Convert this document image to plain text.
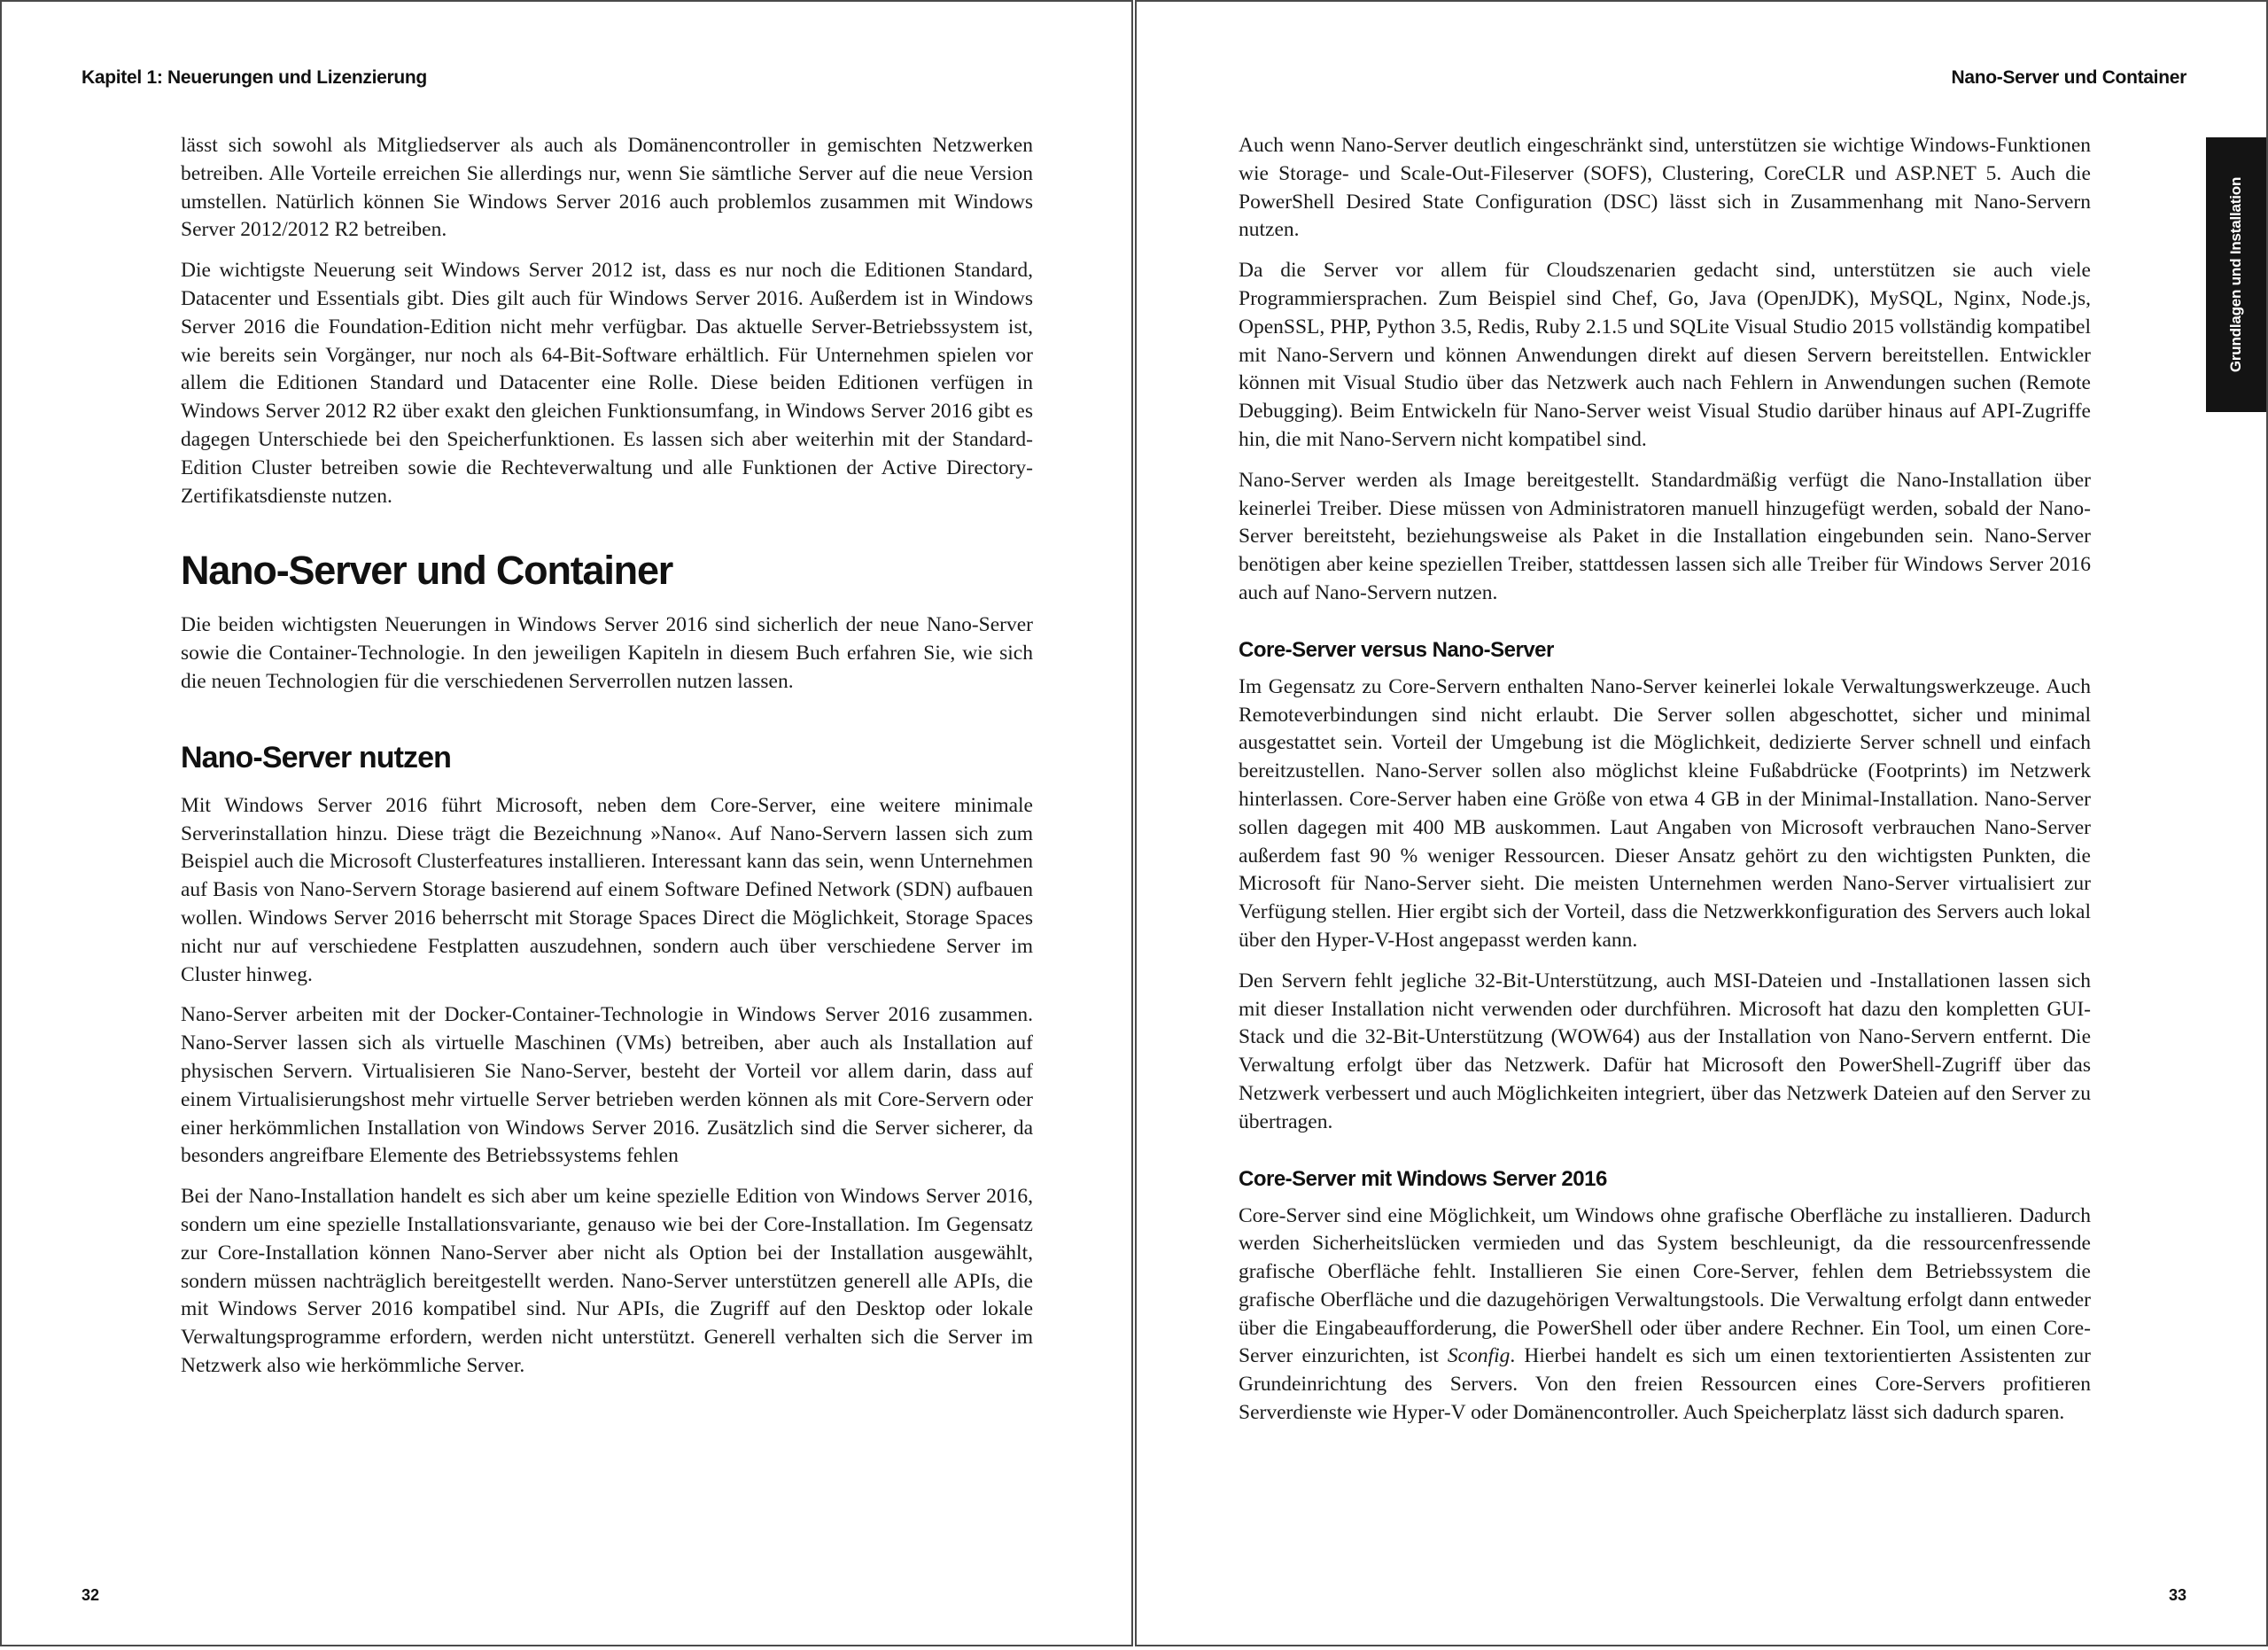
Kapitel 1: Neuerungen und Lizenzierung

lässt sich sowohl als Mitgliedserver als auch als Domänencontroller in gemischten Netzwerken betreiben. Alle Vorteile erreichen Sie allerdings nur, wenn Sie sämtliche Server auf die neue Version umstellen. Natürlich können Sie Windows Server 2016 auch problemlos zusammen mit Windows Server 2012/2012 R2 betreiben.

Die wichtigste Neuerung seit Windows Server 2012 ist, dass es nur noch die Editionen Standard, Datacenter und Essentials gibt. Dies gilt auch für Windows Server 2016. Außerdem ist in Windows Server 2016 die Foundation-Edition nicht mehr verfügbar. Das aktuelle Server-Betriebssystem ist, wie bereits sein Vorgänger, nur noch als 64-Bit-Software erhältlich. Für Unternehmen spielen vor allem die Editionen Standard und Datacenter eine Rolle. Diese beiden Editionen verfügen in Windows Server 2012 R2 über exakt den gleichen Funktionsumfang, in Windows Server 2016 gibt es dagegen Unterschiede bei den Speicherfunktionen. Es lassen sich aber weiterhin mit der Standard-Edition Cluster betreiben sowie die Rechteverwaltung und alle Funktionen der Active Directory-Zertifikatsdienste nutzen.

Nano-Server und Container

Die beiden wichtigsten Neuerungen in Windows Server 2016 sind sicherlich der neue Nano-Server sowie die Container-Technologie. In den jeweiligen Kapiteln in diesem Buch erfahren Sie, wie sich die neuen Technologien für die verschiedenen Serverrollen nutzen lassen.

Nano-Server nutzen

Mit Windows Server 2016 führt Microsoft, neben dem Core-Server, eine weitere minimale Serverinstallation hinzu. Diese trägt die Bezeichnung »Nano«. Auf Nano-Servern lassen sich zum Beispiel auch die Microsoft Clusterfeatures installieren. Interessant kann das sein, wenn Unternehmen auf Basis von Nano-Servern Storage basierend auf einem Software Defined Network (SDN) aufbauen wollen. Windows Server 2016 beherrscht mit Storage Spaces Direct die Möglichkeit, Storage Spaces nicht nur auf verschiedene Festplatten auszudehnen, sondern auch über verschiedene Server im Cluster hinweg.

Nano-Server arbeiten mit der Docker-Container-Technologie in Windows Server 2016 zusammen. Nano-Server lassen sich als virtuelle Maschinen (VMs) betreiben, aber auch als Installation auf physischen Servern. Virtualisieren Sie Nano-Server, besteht der Vorteil vor allem darin, dass auf einem Virtualisierungshost mehr virtuelle Server betrieben werden können als mit Core-Servern oder einer herkömmlichen Installation von Windows Server 2016. Zusätzlich sind die Server sicherer, da besonders angreifbare Elemente des Betriebssystems fehlen

Bei der Nano-Installation handelt es sich aber um keine spezielle Edition von Windows Server 2016, sondern um eine spezielle Installationsvariante, genauso wie bei der Core-Installation. Im Gegensatz zur Core-Installation können Nano-Server aber nicht als Option bei der Installation ausgewählt, sondern müssen nachträglich bereitgestellt werden. Nano-Server unterstützen generell alle APIs, die mit Windows Server 2016 kompatibel sind. Nur APIs, die Zugriff auf den Desktop oder lokale Verwaltungsprogramme erfordern, werden nicht unterstützt. Generell verhalten sich die Server im Netzwerk also wie herkömmliche Server.

32
Nano-Server und Container
Grundlagen und Installation

Auch wenn Nano-Server deutlich eingeschränkt sind, unterstützen sie wichtige Windows-Funktionen wie Storage- und Scale-Out-Fileserver (SOFS), Clustering, CoreCLR und ASP.NET 5. Auch die PowerShell Desired State Configuration (DSC) lässt sich in Zusammenhang mit Nano-Servern nutzen.

Da die Server vor allem für Cloudszenarien gedacht sind, unterstützen sie auch viele Programmiersprachen. Zum Beispiel sind Chef, Go, Java (OpenJDK), MySQL, Nginx, Node.js, OpenSSL, PHP, Python 3.5, Redis, Ruby 2.1.5 und SQLite Visual Studio 2015 vollständig kompatibel mit Nano-Servern und können Anwendungen direkt auf diesen Servern bereitstellen. Entwickler können mit Visual Studio über das Netzwerk auch nach Fehlern in Anwendungen suchen (Remote Debugging). Beim Entwickeln für Nano-Server weist Visual Studio darüber hinaus auf API-Zugriffe hin, die mit Nano-Servern nicht kompatibel sind.

Nano-Server werden als Image bereitgestellt. Standardmäßig verfügt die Nano-Installation über keinerlei Treiber. Diese müssen von Administratoren manuell hinzugefügt werden, sobald der Nano-Server bereitsteht, beziehungsweise als Paket in die Installation eingebunden sein. Nano-Server benötigen aber keine speziellen Treiber, stattdessen lassen sich alle Treiber für Windows Server 2016 auch auf Nano-Servern nutzen.

Core-Server versus Nano-Server

Im Gegensatz zu Core-Servern enthalten Nano-Server keinerlei lokale Verwaltungswerkzeuge. Auch Remoteverbindungen sind nicht erlaubt. Die Server sollen abgeschottet, sicher und minimal ausgestattet sein. Vorteil der Umgebung ist die Möglichkeit, dedizierte Server schnell und einfach bereitzustellen. Nano-Server sollen also möglichst kleine Fußabdrücke (Footprints) im Netzwerk hinterlassen. Core-Server haben eine Größe von etwa 4 GB in der Minimal-Installation. Nano-Server sollen dagegen mit 400 MB auskommen. Laut Angaben von Microsoft verbrauchen Nano-Server außerdem fast 90 % weniger Ressourcen. Dieser Ansatz gehört zu den wichtigsten Punkten, die Microsoft für Nano-Server sieht. Die meisten Unternehmen werden Nano-Server virtualisiert zur Verfügung stellen. Hier ergibt sich der Vorteil, dass die Netzwerkkonfiguration des Servers auch lokal über den Hyper-V-Host angepasst werden kann.

Den Servern fehlt jegliche 32-Bit-Unterstützung, auch MSI-Dateien und -Installationen lassen sich mit dieser Installation nicht verwenden oder durchführen. Microsoft hat dazu den kompletten GUI-Stack und die 32-Bit-Unterstützung (WOW64) aus der Installation von Nano-Servern entfernt. Die Verwaltung erfolgt über das Netzwerk. Dafür hat Microsoft den PowerShell-Zugriff über das Netzwerk verbessert und auch Möglichkeiten integriert, über das Netzwerk Dateien auf den Server zu übertragen.

Core-Server mit Windows Server 2016

Core-Server sind eine Möglichkeit, um Windows ohne grafische Oberfläche zu installieren. Dadurch werden Sicherheitslücken vermieden und das System beschleunigt, da die ressourcenfressende grafische Oberfläche fehlt. Installieren Sie einen Core-Server, fehlen dem Betriebssystem die grafische Oberfläche und die dazugehörigen Verwaltungstools. Die Verwaltung erfolgt dann entweder über die Eingabeaufforderung, die PowerShell oder über andere Rechner. Ein Tool, um einen Core-Server einzurichten, ist Sconfig. Hierbei handelt es sich um einen textorientierten Assistenten zur Grundeinrichtung des Servers. Von den freien Ressourcen eines Core-Servers profitieren Serverdienste wie Hyper-V oder Domänencontroller. Auch Speicherplatz lässt sich dadurch sparen.

33
